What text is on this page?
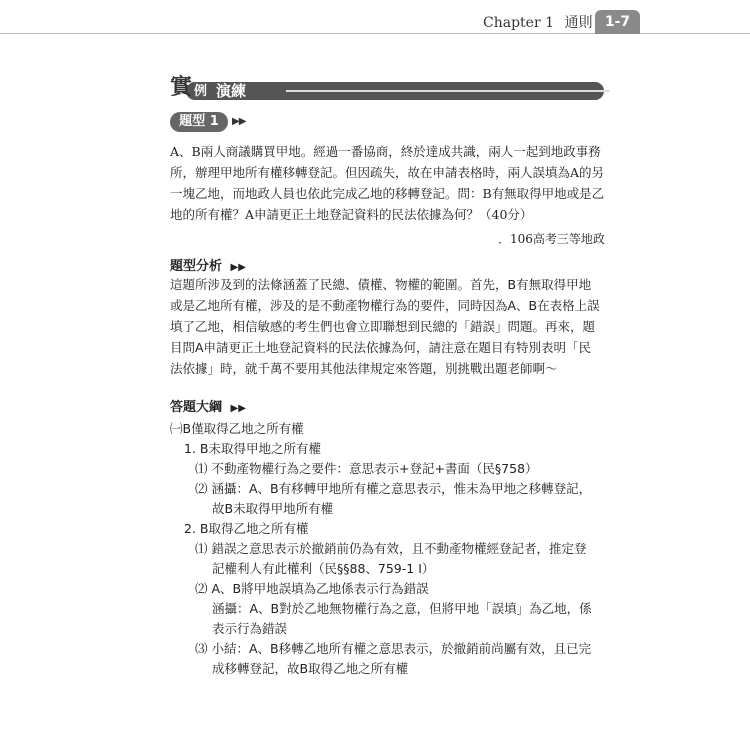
Chapter 1 通則 1-7
實 例 演練
題型 1	▶▶
A、B兩人商議購買甲地。經過一番協商，終於達成共識，兩人一起到地政事務
所，辦理甲地所有權移轉登記。但因疏失，故在申請表格時，兩人誤填為A的另
一塊乙地，而地政人員也依此完成乙地的移轉登記。問：B有無取得甲地或是乙
地的所有權？A申請更正土地登記資料的民法依據為何？（40分）
．106高考三等地政
題型分析 ▶▶
這題所涉及到的法條涵蓋了民總、債權、物權的範圍。首先，B有無取得甲地
或是乙地所有權，涉及的是不動產物權行為的要件，同時因為A、B在表格上誤
填了乙地，相信敏感的考生們也會立即聯想到民總的「錯誤」問題。再來，題
目問A申請更正土地登記資料的民法依據為何，請注意在題目有特別表明「民
法依據」時，就千萬不要用其他法律規定來答題，別挑戰出題老師啊～
答題大綱 ▶▶
㈠B僅取得乙地之所有權
1. B未取得甲地之所有權
⑴ 不動產物權行為之要件：意思表示+登記+書面（民§758）
⑵ 涵攝：A、B有移轉甲地所有權之意思表示，惟未為甲地之移轉登記，
故B未取得甲地所有權
2. B取得乙地之所有權
⑴ 錯誤之意思表示於撤銷前仍為有效，且不動產物權經登記者，推定登
記權利人有此權利（民§§88、759-1 Ⅰ）
⑵ A、B將甲地誤填為乙地係表示行為錯誤
涵攝：A、B對於乙地無物權行為之意，但將甲地「誤填」為乙地，係
表示行為錯誤
⑶ 小結：A、B移轉乙地所有權之意思表示，於撤銷前尚屬有效，且已完
成移轉登記，故B取得乙地之所有權
